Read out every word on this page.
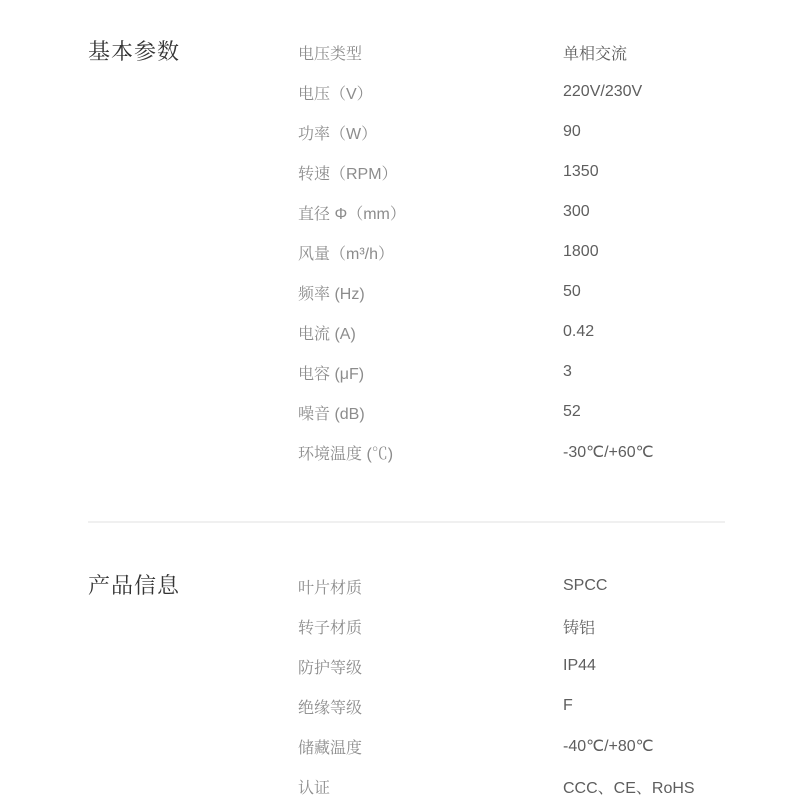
基本参数	电压类型	单相交流
电压（V）	220V/230V
功率（W）	90
转速（RPM）	1350
直径 Φ（mm）	300
风量（m³/h）	1800
频率 (Hz)	50
电流 (A)	0.42
电容 (μF)	3
噪音 (dB)	52
环境温度 (℃)	-30℃/+60℃
产品信息	叶片材质	SPCC
转子材质	铸铝
防护等级	IP44
绝缘等级	F
储藏温度	-40℃/+80℃
认证	CCC、CE、RoHS
